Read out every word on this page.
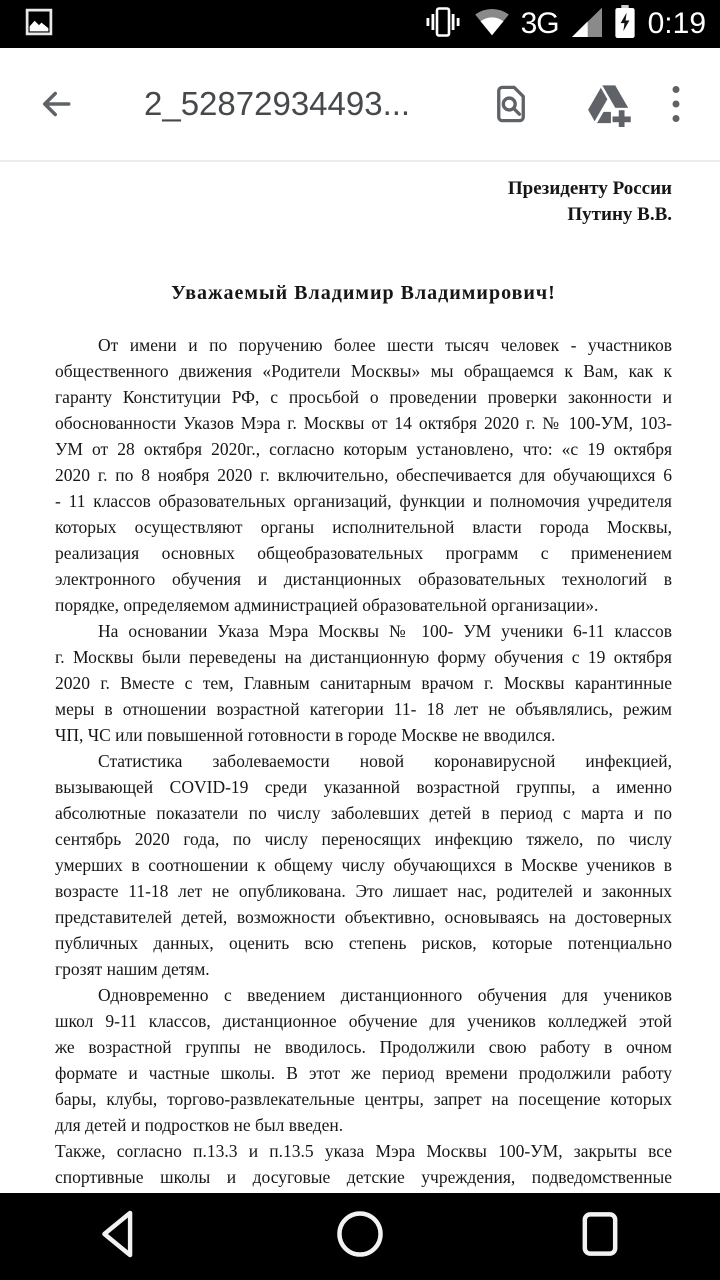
3G	0:19
2_52872934493...
Президенту России
Путину В.В.
Уважаемый Владимир Владимирович!
От имени и по поручению более шести тысяч человек - участников
общественного движения «Родители Москвы» мы обращаемся к Вам, как к
гаранту Конституции РФ, с просьбой о проведении проверки законности и
обоснованности Указов Мэра г. Москвы от 14 октября 2020 г. № 100-УМ, 103-
УМ от 28 октября 2020г., согласно которым установлено, что: «с 19 октября
2020 г. по 8 ноября 2020 г. включительно, обеспечивается для обучающихся 6
- 11 классов образовательных организаций, функции и полномочия учредителя
которых осуществляют органы исполнительной власти города Москвы,
реализация основных общеобразовательных программ с применением
электронного обучения и дистанционных образовательных технологий в
порядке, определяемом администрацией образовательной организации».
На основании Указа Мэра Москвы № 100- УМ ученики 6-11 классов
г. Москвы были переведены на дистанционную форму обучения с 19 октября
2020 г. Вместе с тем, Главным санитарным врачом г. Москвы карантинные
меры в отношении возрастной категории 11- 18 лет не объявлялись, режим
ЧП, ЧС или повышенной готовности в городе Москве не вводился.
Статистика заболеваемости новой коронавирусной инфекцией,
вызывающей COVID-19 среди указанной возрастной группы, а именно
абсолютные показатели по числу заболевших детей в период с марта и по
сентябрь 2020 года, по числу переносящих инфекцию тяжело, по числу
умерших в соотношении к общему числу обучающихся в Москве учеников в
возрасте 11-18 лет не опубликована. Это лишает нас, родителей и законных
представителей детей, возможности объективно, основываясь на достоверных
публичных данных, оценить всю степень рисков, которые потенциально
грозят нашим детям.
Одновременно с введением дистанционного обучения для учеников
школ 9-11 классов, дистанционное обучение для учеников колледжей этой
же возрастной группы не вводилось. Продолжили свою работу в очном
формате и частные школы. В этот же период времени продолжили работу
бары, клубы, торгово-развлекательные центры, запрет на посещение которых
для детей и подростков не был введен.
Также, согласно п.13.3 и п.13.5 указа Мэра Москвы 100-УМ, закрыты все
спортивные школы и досуговые детские учреждения, подведомственные
